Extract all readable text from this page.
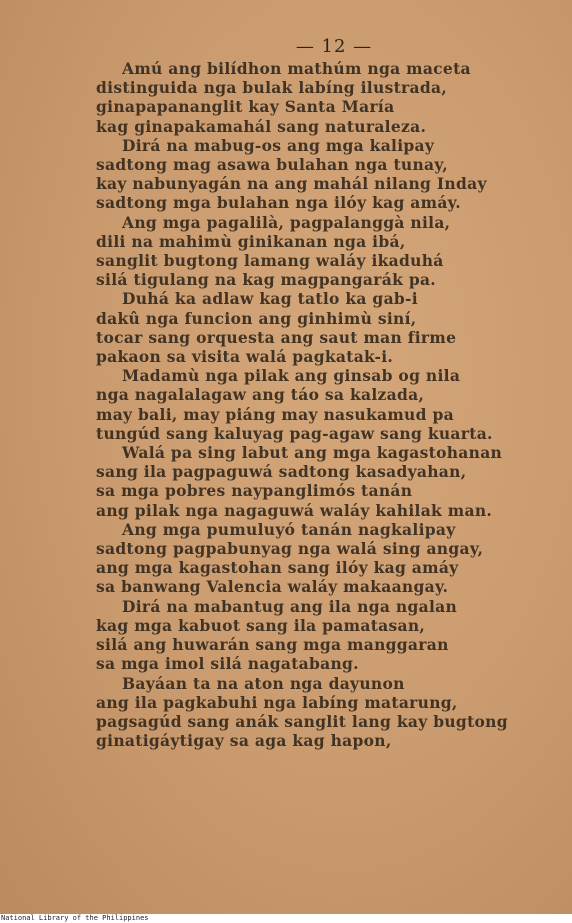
— 12 —
Amú ang bilídhon mathúm nga maceta
distinguida nga bulak labíng ilustrada,
ginapapananglit kay Santa María
kag ginapakamahál sang naturaleza.
Dirá na mabug-os ang mga kalipay
sadtong mag asawa bulahan nga tunay,
kay nabunyagán na ang mahál nilang Inday
sadtong mga bulahan nga ilóy kag amáy.
Ang mga pagalilà, pagpalanggà nila,
dili na mahimù ginikanan nga ibá,
sanglit bugtong lamang waláy ikaduhá
silá tigulang na kag magpangarák pa.
Duhá ka adlaw kag tatlo ka gab-i
dakû nga funcion ang ginhimù siní,
tocar sang orquesta ang saut man firme
pakaon sa visita walá pagkatak-i.
Madamù nga pilak ang ginsab og nila
nga nagalalagaw ang táo sa kalzada,
may bali, may piáng may nasukamud pa
tungúd sang kaluyag pag-agaw sang kuarta.
Walá pa sing labut ang mga kagastohanan
sang ila pagpaguwá sadtong kasadyahan,
sa mga pobres naypanglimós tanán
ang pilak nga nagaguwá waláy kahilak man.
Ang mga pumuluyó tanán nagkalipay
sadtong pagpabunyag nga walá sing angay,
ang mga kagastohan sang ilóy kag amáy
sa banwang Valencia waláy makaangay.
Dirá na mabantug ang ila nga ngalan
kag mga kabuot sang ila pamatasan,
silá ang huwarán sang mga manggaran
sa mga imol silá nagatabang.
Bayáan ta na aton nga dayunon
ang ila pagkabuhi nga labíng matarung,
pagsagúd sang anák sanglit lang kay bugtong
ginatigáytigay sa aga kag hapon,
National Library of the Philippines
